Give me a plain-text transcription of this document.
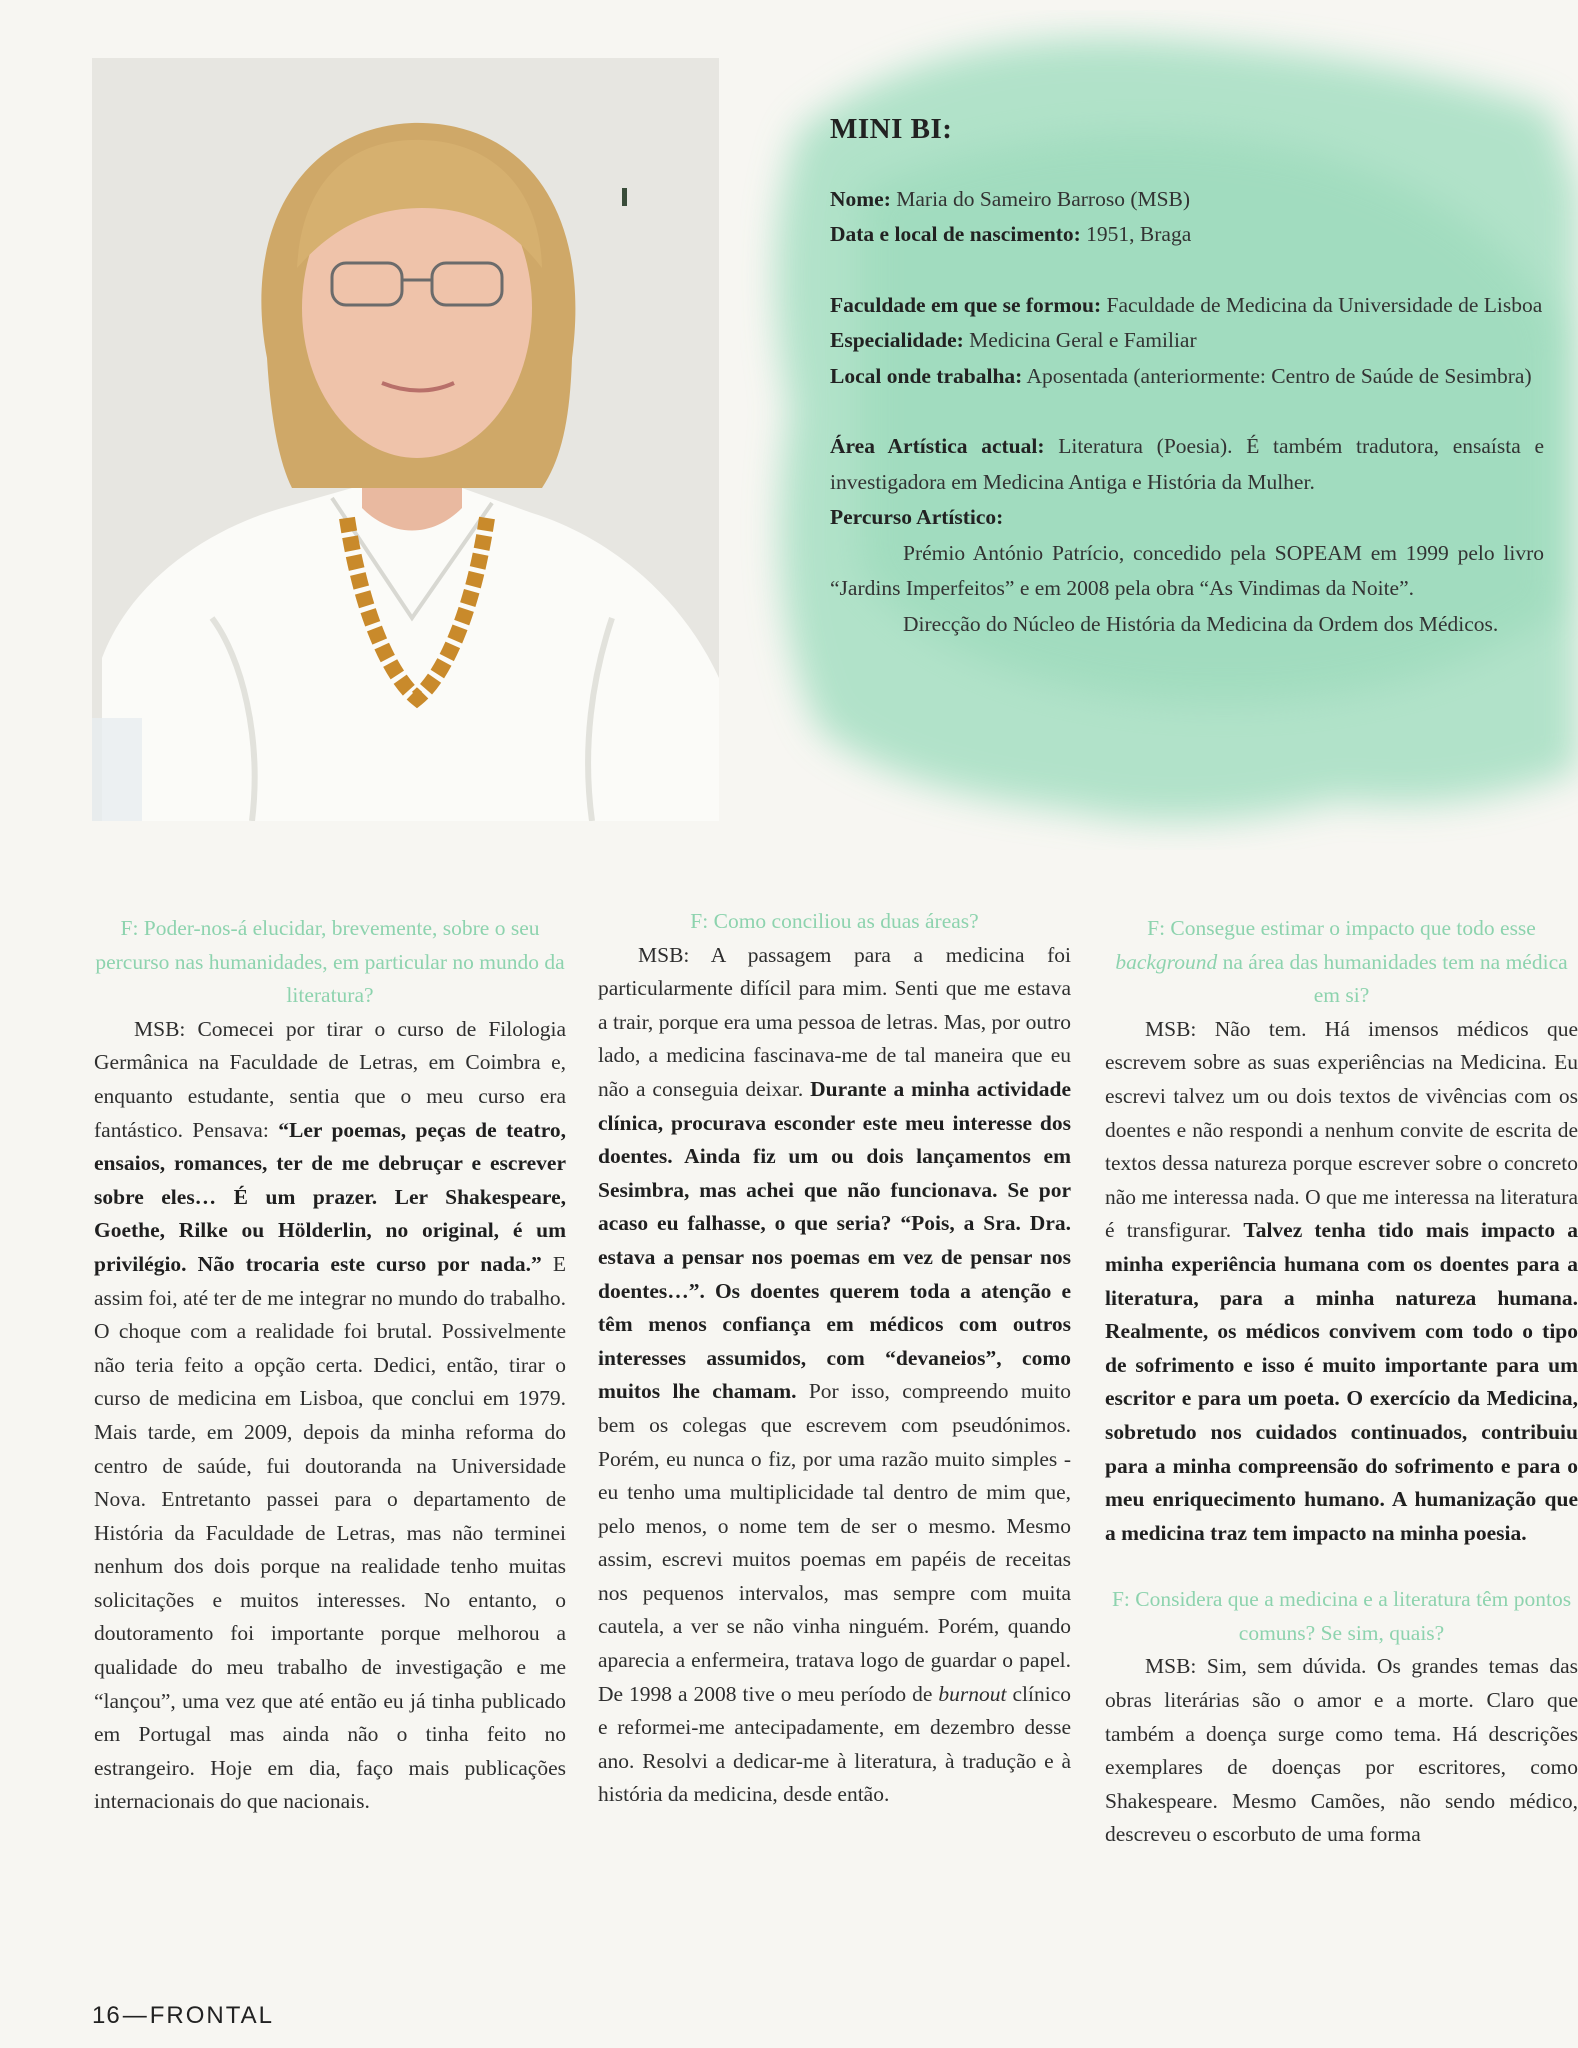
MINI BI:

Nome: Maria do Sameiro Barroso (MSB)

Data e local de nascimento: 1951, Braga

Faculdade em que se formou: Faculdade de Medicina da Universidade de Lisboa

Especialidade: Medicina Geral e Familiar

Local onde trabalha: Aposentada (anteriormente: Centro de Saúde de Sesimbra)

Área Artística actual: Literatura (Poesia). É também tradutora, ensaísta e investigadora em Medicina Antiga e História da Mulher.

Percurso Artístico:

Prémio António Patrício, concedido pela SOPEAM em 1999 pelo livro “Jardins Imperfeitos” e em 2008 pela obra “As Vindimas da Noite”.

Direcção do Núcleo de História da Medicina da Ordem dos Médicos.

F: Poder-nos-á elucidar, brevemente, sobre o seu percurso nas humanidades, em particular no mundo da literatura?

MSB: Comecei por tirar o curso de Filologia Germânica na Faculdade de Letras, em Coimbra e, enquanto estudante, sentia que o meu curso era fantástico. Pensava: “Ler poemas, peças de teatro, ensaios, romances, ter de me debruçar e escrever sobre eles… É um prazer. Ler Shakespeare, Goethe, Rilke ou Hölderlin, no original, é um privilégio. Não trocaria este curso por nada.” E assim foi, até ter de me integrar no mundo do trabalho. O choque com a realidade foi brutal. Possivelmente não teria feito a opção certa. Dedici, então, tirar o curso de medicina em Lisboa, que conclui em 1979. Mais tarde, em 2009, depois da minha reforma do centro de saúde, fui doutoranda na Universidade Nova. Entretanto passei para o departamento de História da Faculdade de Letras, mas não terminei nenhum dos dois porque na realidade tenho muitas solicitações e muitos interesses. No entanto, o doutoramento foi importante porque melhorou a qualidade do meu trabalho de investigação e me “lançou”, uma vez que até então eu já tinha publicado em Portugal mas ainda não o tinha feito no estrangeiro. Hoje em dia, faço mais publicações internacionais do que nacionais.

F: Como conciliou as duas áreas?

MSB: A passagem para a medicina foi particularmente difícil para mim. Senti que me estava a trair, porque era uma pessoa de letras. Mas, por outro lado, a medicina fascinava-me de tal maneira que eu não a conseguia deixar. Durante a minha actividade clínica, procurava esconder este meu interesse dos doentes. Ainda fiz um ou dois lançamentos em Sesimbra, mas achei que não funcionava. Se por acaso eu falhasse, o que seria? “Pois, a Sra. Dra. estava a pensar nos poemas em vez de pensar nos doentes…”. Os doentes querem toda a atenção e têm menos confiança em médicos com outros interesses assumidos, com “devaneios”, como muitos lhe chamam. Por isso, compreendo muito bem os colegas que escrevem com pseudónimos. Porém, eu nunca o fiz, por uma razão muito simples - eu tenho uma multiplicidade tal dentro de mim que, pelo menos, o nome tem de ser o mesmo. Mesmo assim, escrevi muitos poemas em papéis de receitas nos pequenos intervalos, mas sempre com muita cautela, a ver se não vinha ninguém. Porém, quando aparecia a enfermeira, tratava logo de guardar o papel. De 1998 a 2008 tive o meu período de burnout clínico e reformei-me antecipadamente, em dezembro desse ano. Resolvi a dedicar-me à literatura, à tradução e à história da medicina, desde então.

F: Consegue estimar o impacto que todo esse background na área das humanidades tem na médica em si?

MSB: Não tem. Há imensos médicos que escrevem sobre as suas experiências na Medicina. Eu escrevi talvez um ou dois textos de vivências com os doentes e não respondi a nenhum convite de escrita de textos dessa natureza porque escrever sobre o concreto não me interessa nada. O que me interessa na literatura é transfigurar. Talvez tenha tido mais impacto a minha experiência humana com os doentes para a literatura, para a minha natureza humana. Realmente, os médicos convivem com todo o tipo de sofrimento e isso é muito importante para um escritor e para um poeta. O exercício da Medicina, sobretudo nos cuidados continuados, contribuiu para a minha compreensão do sofrimento e para o meu enriquecimento humano. A humanização que a medicina traz tem impacto na minha poesia.

F: Considera que a medicina e a literatura têm pontos comuns? Se sim, quais?

MSB: Sim, sem dúvida. Os grandes temas das obras literárias são o amor e a morte. Claro que também a doença surge como tema. Há descrições exemplares de doenças por escritores, como Shakespeare. Mesmo Camões, não sendo médico, descreveu o escorbuto de uma forma

16—FRONTAL
